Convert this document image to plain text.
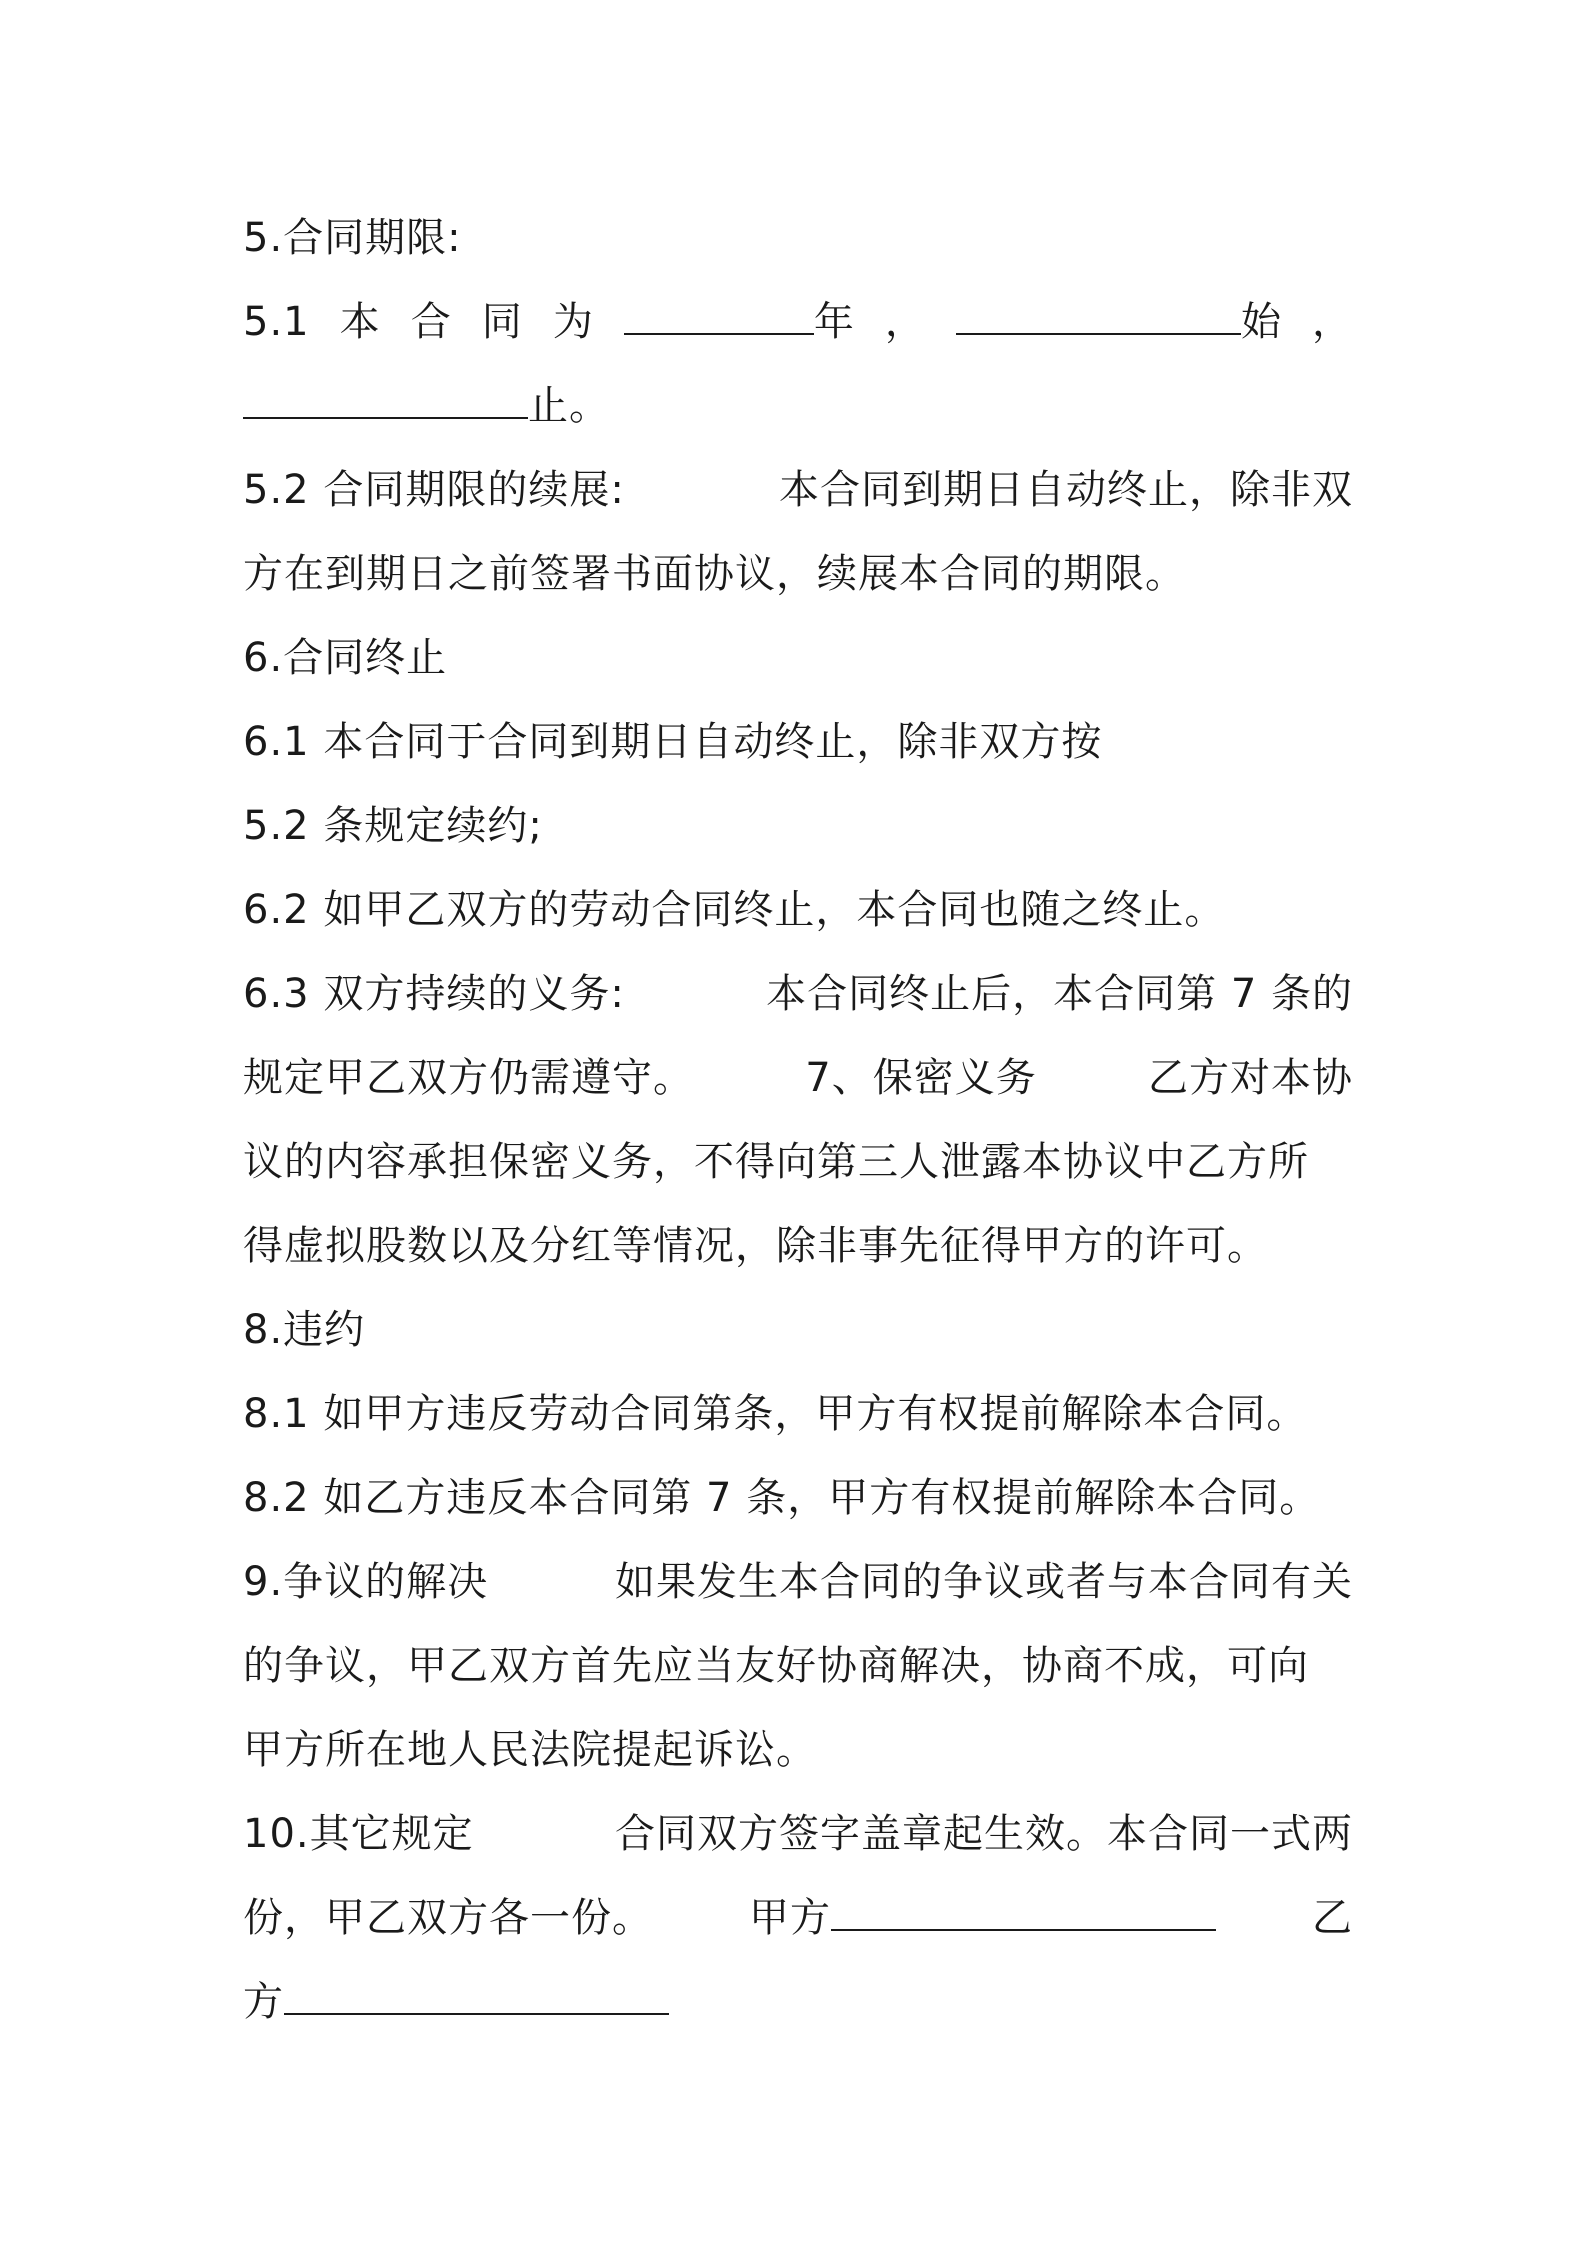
5.合同期限:
5.1 本 合 同 为	年 ，	始 ，
止。
5.2 合同期限的续展:	本合同到期日自动终止，除非双
方在到期日之前签署书面协议，续展本合同的期限。
6.合同终止
6.1 本合同于合同到期日自动终止，除非双方按
5.2 条规定续约;
6.2 如甲乙双方的劳动合同终止，本合同也随之终止。
6.3 双方持续的义务:	本合同终止后，本合同第 7 条的
规定甲乙双方仍需遵守。	7、保密义务	乙方对本协
议的内容承担保密义务，不得向第三人泄露本协议中乙方所
得虚拟股数以及分红等情况，除非事先征得甲方的许可。
8.违约
8.1 如甲方违反劳动合同第条，甲方有权提前解除本合同。
8.2 如乙方违反本合同第 7 条，甲方有权提前解除本合同。
9.争议的解决	如果发生本合同的争议或者与本合同有关
的争议，甲乙双方首先应当友好协商解决，协商不成，可向
甲方所在地人民法院提起诉讼。
10.其它规定	合同双方签字盖章起生效。本合同一式两
份，甲乙双方各一份。 甲方	乙
方
